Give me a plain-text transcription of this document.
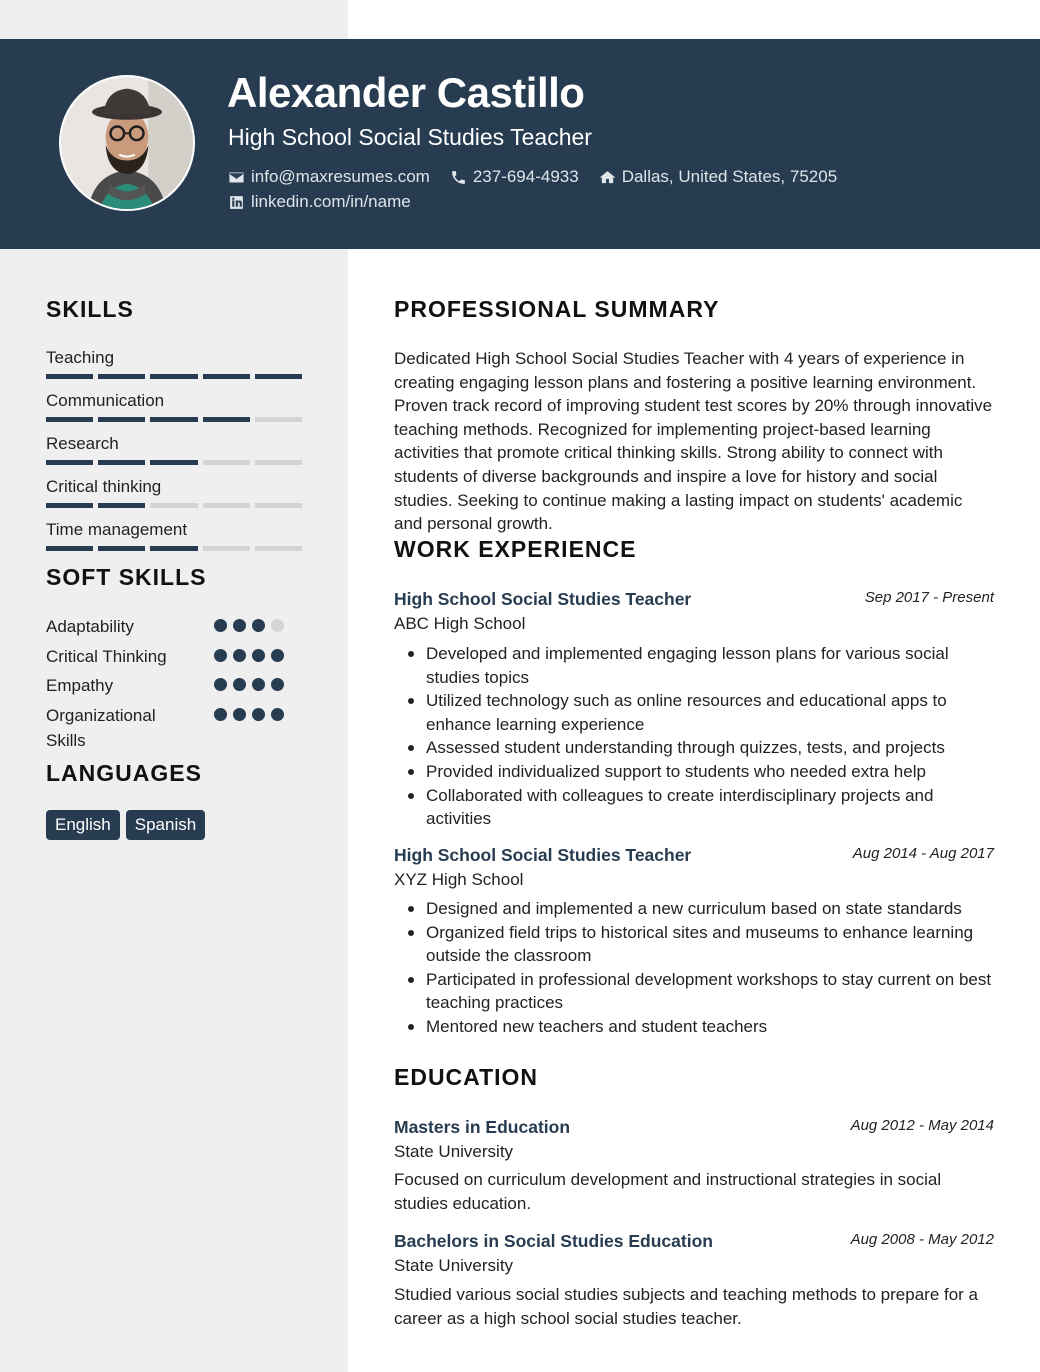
Alexander Castillo
High School Social Studies Teacher
info@maxresumes.com	237-694-4933	Dallas, United States, 75205
linkedin.com/in/name
SKILLS
Teaching
Communication
Research
Critical thinking
Time management
SOFT SKILLS
Adaptability
Critical Thinking
Empathy
Organizational Skills
LANGUAGES
English	Spanish
PROFESSIONAL SUMMARY
Dedicated High School Social Studies Teacher with 4 years of experience in creating engaging lesson plans and fostering a positive learning environment. Proven track record of improving student test scores by 20% through innovative teaching methods. Recognized for implementing project-based learning activities that promote critical thinking skills. Strong ability to connect with students of diverse backgrounds and inspire a love for history and social studies. Seeking to continue making a lasting impact on students' academic and personal growth.
WORK EXPERIENCE
High School Social Studies Teacher	Sep 2017 - Present
ABC High School
Developed and implemented engaging lesson plans for various social studies topics
Utilized technology such as online resources and educational apps to enhance learning experience
Assessed student understanding through quizzes, tests, and projects
Provided individualized support to students who needed extra help
Collaborated with colleagues to create interdisciplinary projects and activities
High School Social Studies Teacher	Aug 2014 - Aug 2017
XYZ High School
Designed and implemented a new curriculum based on state standards
Organized field trips to historical sites and museums to enhance learning outside the classroom
Participated in professional development workshops to stay current on best teaching practices
Mentored new teachers and student teachers
EDUCATION
Masters in Education	Aug 2012 - May 2014
State University
Focused on curriculum development and instructional strategies in social studies education.
Bachelors in Social Studies Education	Aug 2008 - May 2012
State University
Studied various social studies subjects and teaching methods to prepare for a career as a high school social studies teacher.
